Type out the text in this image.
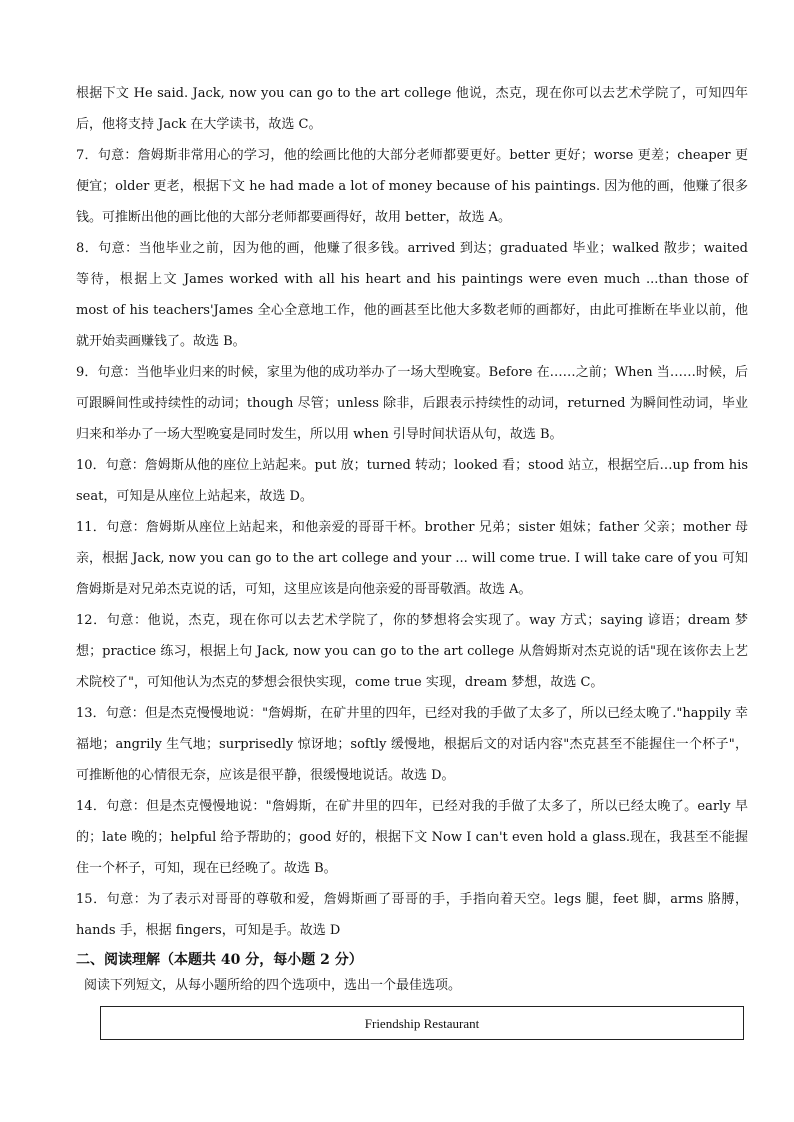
根据下文 He said. Jack, now you can go to the art college 他说，杰克，现在你可以去艺术学院了，可知四年后，他将支持 Jack 在大学读书，故选 C。

7．句意：詹姆斯非常用心的学习，他的绘画比他的大部分老师都要更好。better 更好；worse 更差；cheaper 更便宜；older 更老，根据下文 he had made a lot of money because of his paintings. 因为他的画，他赚了很多钱。可推断出他的画比他的大部分老师都要画得好，故用 better，故选 A。

8．句意：当他毕业之前，因为他的画，他赚了很多钱。arrived 到达；graduated 毕业；walked 散步；waited 等待，根据上文 James worked with all his heart and his paintings were even much ...than those of most of his teachers'James 全心全意地工作，他的画甚至比他大多数老师的画都好，由此可推断在毕业以前，他就开始卖画赚钱了。故选 B。

9．句意：当他毕业归来的时候，家里为他的成功举办了一场大型晚宴。Before 在……之前；When 当……时候，后可跟瞬间性或持续性的动词；though 尽管；unless 除非，后跟表示持续性的动词，returned 为瞬间性动词，毕业归来和举办了一场大型晚宴是同时发生，所以用 when 引导时间状语从句，故选 B。

10．句意：詹姆斯从他的座位上站起来。put 放；turned 转动；looked 看；stood 站立，根据空后…up from his seat，可知是从座位上站起来，故选 D。

11．句意：詹姆斯从座位上站起来，和他亲爱的哥哥干杯。brother 兄弟；sister 姐妹；father 父亲；mother 母亲，根据 Jack, now you can go to the art college and your ... will come true. I will take care of you 可知詹姆斯是对兄弟杰克说的话，可知，这里应该是向他亲爱的哥哥敬酒。故选 A。

12．句意：他说，杰克，现在你可以去艺术学院了，你的梦想将会实现了。way 方式；saying 谚语；dream 梦想；practice 练习，根据上句 Jack, now you can go to the art college 从詹姆斯对杰克说的话"现在该你去上艺术院校了"，可知他认为杰克的梦想会很快实现，come true 实现，dream 梦想，故选 C。

13．句意：但是杰克慢慢地说："詹姆斯，在矿井里的四年，已经对我的手做了太多了，所以已经太晚了."happily 幸福地；angrily 生气地；surprisedly 惊讶地；softly 缓慢地，根据后文的对话内容"杰克甚至不能握住一个杯子"，可推断他的心情很无奈，应该是很平静，很缓慢地说话。故选 D。

14．句意：但是杰克慢慢地说："詹姆斯，在矿井里的四年，已经对我的手做了太多了，所以已经太晚了。early 早的；late 晚的；helpful 给予帮助的；good 好的，根据下文 Now I can't even hold a glass.现在，我甚至不能握住一个杯子，可知，现在已经晚了。故选 B。

15．句意：为了表示对哥哥的尊敬和爱，詹姆斯画了哥哥的手，手指向着天空。legs 腿，feet 脚，arms 胳膊，hands 手，根据 fingers，可知是手。故选 D

二、阅读理解（本题共 40 分，每小题 2 分）

阅读下列短文，从每小题所给的四个选项中，选出一个最佳选项。

Friendship Restaurant
